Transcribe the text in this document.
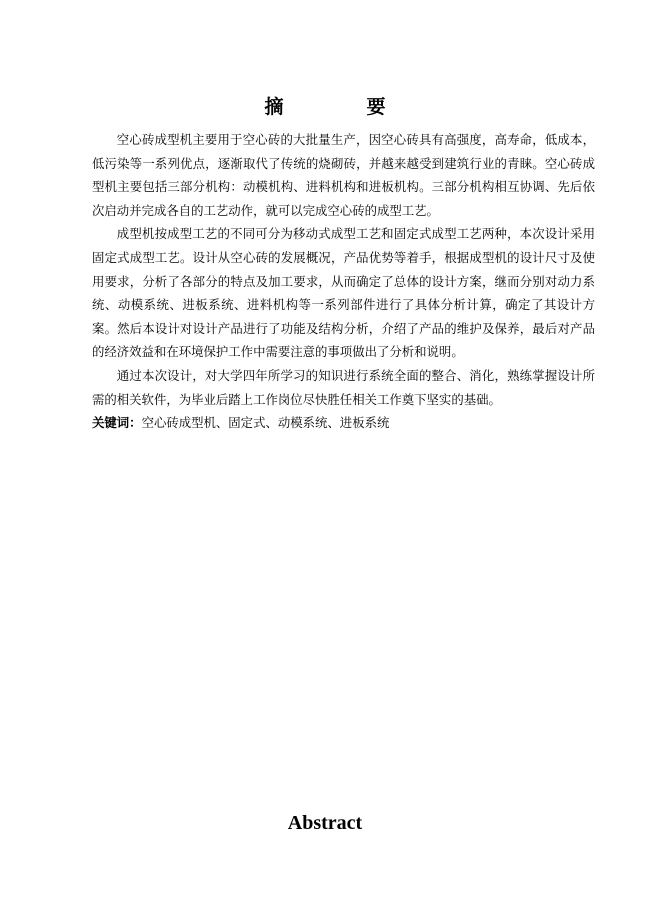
摘　要

空心砖成型机主要用于空心砖的大批量生产，因空心砖具有高强度，高寿命，低成本，低污染等一系列优点，逐渐取代了传统的烧砌砖，并越来越受到建筑行业的青睐。空心砖成型机主要包括三部分机构：动模机构、进料机构和进板机构。三部分机构相互协调、先后依次启动并完成各自的工艺动作，就可以完成空心砖的成型工艺。

成型机按成型工艺的不同可分为移动式成型工艺和固定式成型工艺两种，本次设计采用固定式成型工艺。设计从空心砖的发展概况，产品优势等着手，根据成型机的设计尺寸及使用要求，分析了各部分的特点及加工要求，从而确定了总体的设计方案，继而分别对动力系统、动模系统、进板系统、进料机构等一系列部件进行了具体分析计算，确定了其设计方案。然后本设计对设计产品进行了功能及结构分析，介绍了产品的维护及保养，最后对产品的经济效益和在环境保护工作中需要注意的事项做出了分析和说明。

通过本次设计，对大学四年所学习的知识进行系统全面的整合、消化，熟练掌握设计所需的相关软件，为毕业后踏上工作岗位尽快胜任相关工作奠下坚实的基础。

关键词：空心砖成型机、固定式、动模系统、进板系统

Abstract
